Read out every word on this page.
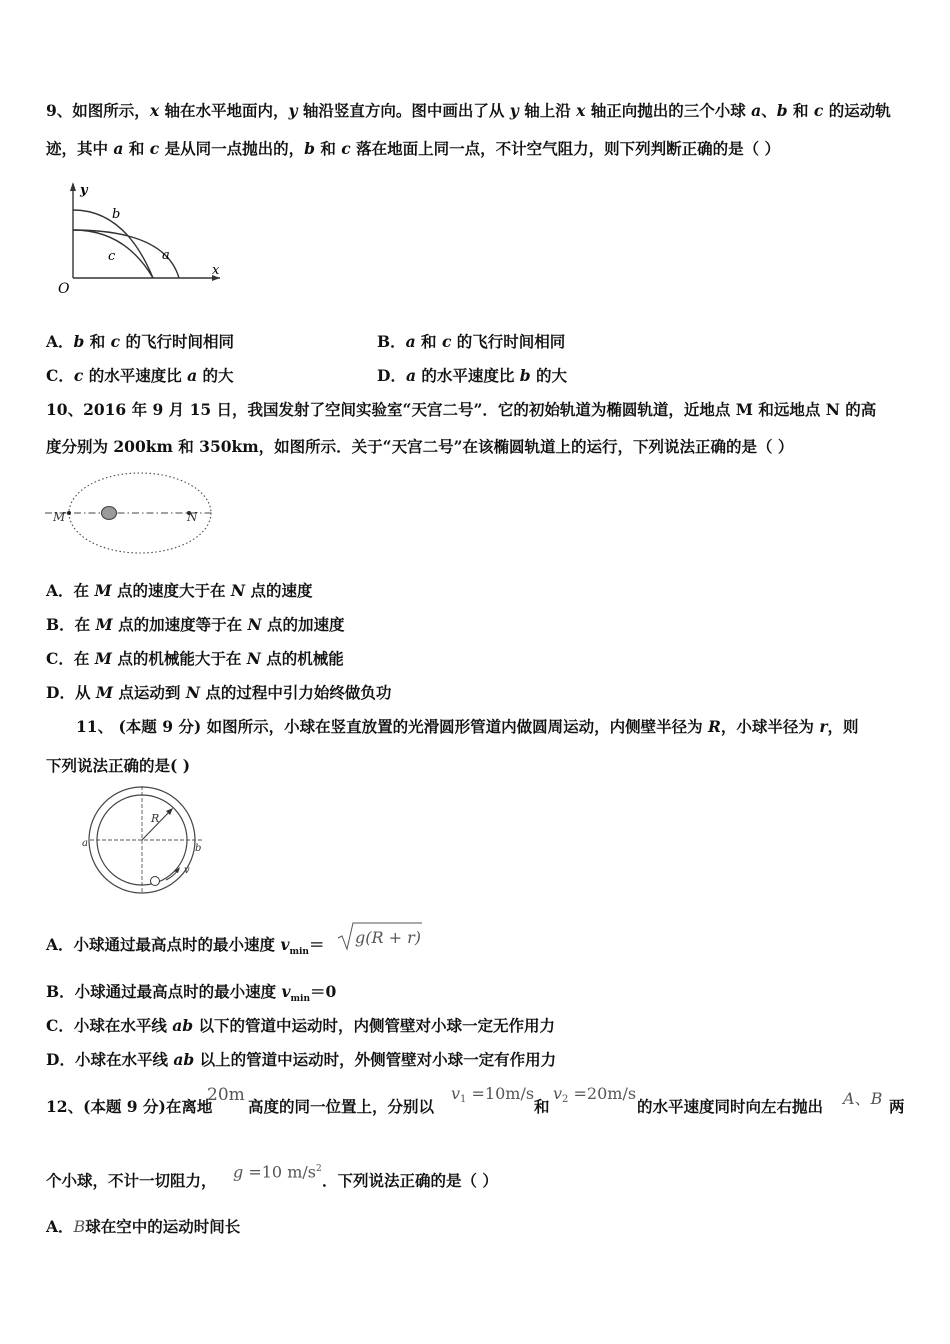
9、如图所示，x 轴在水平地面内，y 轴沿竖直方向。图中画出了从 y 轴上沿 x 轴正向抛出的三个小球 a、b 和 c 的运动轨
迹，其中 a 和 c 是从同一点抛出的，b 和 c 落在地面上同一点，不计空气阻力，则下列判断正确的是（ ）
y
x
O
b
c	a
A．b 和 c 的飞行时间相同	B．a 和 c 的飞行时间相同
C．c 的水平速度比 a 的大	D．a 的水平速度比 b 的大
10、2016 年 9 月 15 日，我国发射了空间实验室“天宫二号”．它的初始轨道为椭圆轨道，近地点 M 和远地点 N 的高
度分别为 200km 和 350km，如图所示．关于“天宫二号”在该椭圆轨道上的运行，下列说法正确的是（ ）
M	N
A．在 M 点的速度大于在 N 点的速度
B．在 M 点的加速度等于在 N 点的加速度
C．在 M 点的机械能大于在 N 点的机械能
D．从 M 点运动到 N 点的过程中引力始终做负功
11、 (本题 9 分) 如图所示，小球在竖直放置的光滑圆形管道内做圆周运动，内侧壁半径为 R，小球半径为 r，则
下列说法正确的是( )
R
a	b
v
A．小球通过最高点时的最小速度 $v_{min}= g(R + r)$
B．小球通过最高点时的最小速度 $v_{min}=0$
C．小球在水平线 ab 以下的管道中运动时，内侧管壁对小球一定无作用力
D．小球在水平线 ab 以上的管道中运动时，外侧管壁对小球一定有作用力
12、(本题 9 分)在离地
20m
高度的同一位置上，分别以
v1 =10m/s
和
v2 =20m/s
的水平速度同时向左右抛出 A、B 两
个小球，不计一切阻力， g =10 $m/s^2$
．下列说法正确的是（ ）
A．B球在空中的运动时间长
